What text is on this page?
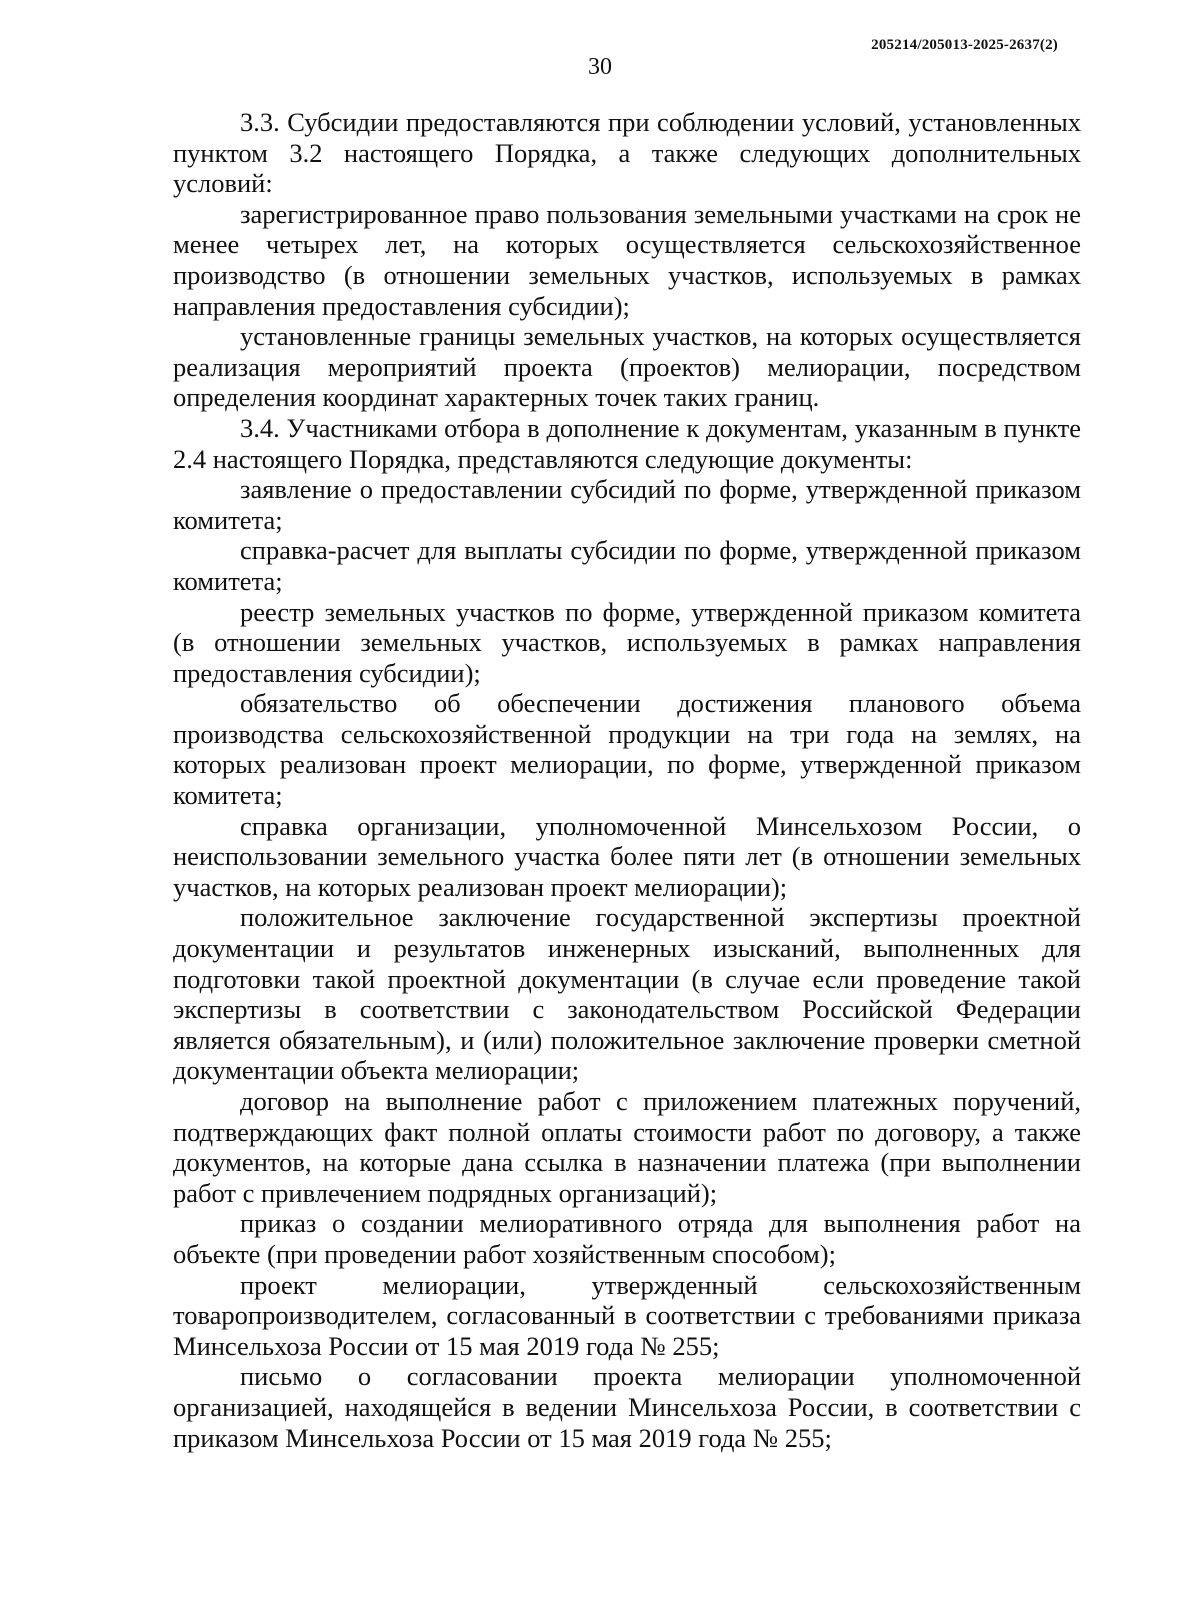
205214/205013-2025-2637(2)
30

3.3. Субсидии предоставляются при соблюдении условий, установленных пунктом 3.2 настоящего Порядка, а также следующих дополнительных условий:

зарегистрированное право пользования земельными участками на срок не менее четырех лет, на которых осуществляется сельскохозяйственное производство (в отношении земельных участков, используемых в рамках направления предоставления субсидии);

установленные границы земельных участков, на которых осуществляется реализация мероприятий проекта (проектов) мелиорации, посредством определения координат характерных точек таких границ.

3.4. Участниками отбора в дополнение к документам, указанным в пункте 2.4 настоящего Порядка, представляются следующие документы:

заявление о предоставлении субсидий по форме, утвержденной приказом комитета;

справка-расчет для выплаты субсидии по форме, утвержденной приказом комитета;

реестр земельных участков по форме, утвержденной приказом комитета (в отношении земельных участков, используемых в рамках направления предоставления субсидии);

обязательство об обеспечении достижения планового объема производства сельскохозяйственной продукции на три года на землях, на которых реализован проект мелиорации, по форме, утвержденной приказом комитета;

справка организации, уполномоченной Минсельхозом России, о неиспользовании земельного участка более пяти лет (в отношении земельных участков, на которых реализован проект мелиорации);

положительное заключение государственной экспертизы проектной документации и результатов инженерных изысканий, выполненных для подготовки такой проектной документации (в случае если проведение такой экспертизы в соответствии с законодательством Российской Федерации является обязательным), и (или) положительное заключение проверки сметной документации объекта мелиорации;

договор на выполнение работ с приложением платежных поручений, подтверждающих факт полной оплаты стоимости работ по договору, а также документов, на которые дана ссылка в назначении платежа (при выполнении работ с привлечением подрядных организаций);

приказ о создании мелиоративного отряда для выполнения работ на объекте (при проведении работ хозяйственным способом);

проект мелиорации, утвержденный сельскохозяйственным товаропроизводителем, согласованный в соответствии с требованиями приказа Минсельхоза России от 15 мая 2019 года № 255;

письмо о согласовании проекта мелиорации уполномоченной организацией, находящейся в ведении Минсельхоза России, в соответствии с приказом Минсельхоза России от 15 мая 2019 года № 255;
